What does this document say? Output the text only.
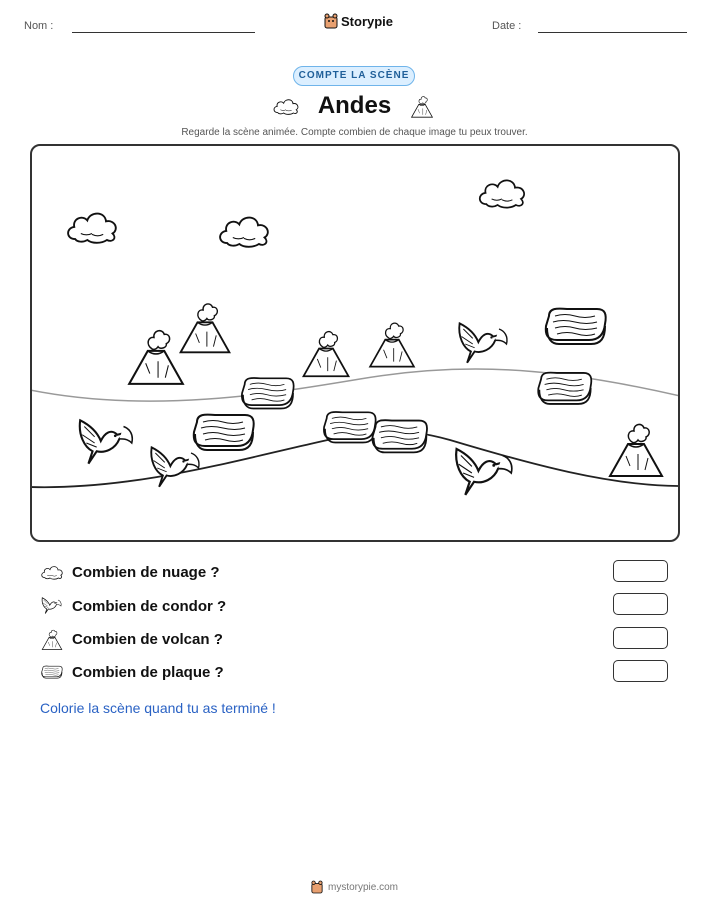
Nom :	Storypie	Date :
COMPTE LA SCÈNE
Andes
Regarde la scène animée. Compte combien de chaque image tu peux trouver.
Combien de nuage ?
Combien de condor ?
Combien de volcan ?
Combien de plaque ?
Colorie la scène quand tu as terminé !
mystorypie.com
